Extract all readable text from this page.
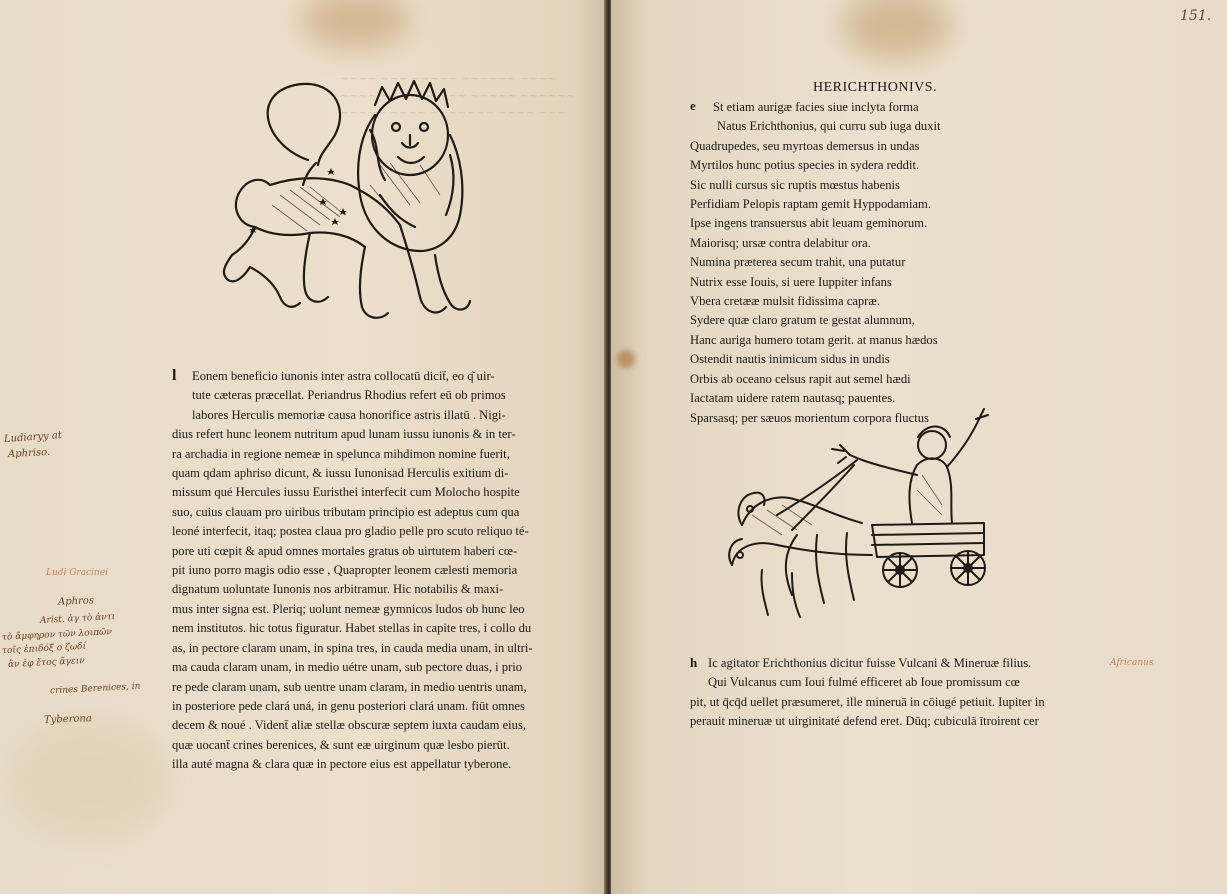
~~~~ ~~~ ~~~~~ ~~~~~~ ~~~~
~~~~ ~~~~~~ ~~~ ~~~~~ ~~~~~~
~~~~~ ~~~~ ~~~~~~~ ~~~~ ~~~
l	Eonem beneficio iunonis inter astra collocatū dicit̄, eo q͂ uir-

tute cæteras præcellat. Periandrus Rhodius refert eū ob primos

labores Herculis memoriæ causa honorifice astris illatū . Nigi-

dius refert hunc leonem nutritum apud lunam iussu iunonis & in ter-

ra archadia in regione nemeæ in spelunca mihdimon nomine fuerit,

quam qdam aphriso dicunt, & iussu Iunonisad Herculis exitium di-

missum qué Hercules iussu Euristhei interfecit cum Molocho hospite

suo, cuius clauam pro uiribus tributam principio est adeptus cum qua

leoné interfecit, itaq; postea claua pro gladio pelle pro scuto reliquo té-

pore uti cœpit & apud omnes mortales gratus ob uirtutem haberi cœ-

pit iuno porro magis odio esse , Quapropter leonem cælesti memoria

dignatum uoluntate Iunonis nos arbitramur. Hic notabilis & maxi-

mus inter signa est. Pleriq; uolunt nemeæ gymnicos ludos ob hunc leo

nem institutos. hic totus figuratur. Habet stellas in capite tres, i collo du

as, in pectore claram unam, in spina tres, in cauda media unam, in ultri-

ma cauda claram unam, in medio uétre unam, sub pectore duas, i prio

re pede claram unam, sub uentre unam claram, in medio uentris unam,

in posteriore pede clará uná, in genu posteriori clará unam. fiūt omnes

decem & noué . Vident̄ aliæ stellæ obscuræ septem iuxta caudam eius,

quæ uocant̄ crines berenices, & sunt eæ uirginum quæ lesbo pierūt.

illa auté magna & clara quæ in pectore eius est appellatur tyberone.

Ludiaryy at
Aphriso.
Ludi Gracinei
Aphros
Arist. ἀγ τὸ ἀντι
τὸ ἄμφηρον τῶν λοιπῶν
τοῖς ἐπιδόξ ο ζωδί
ἂν ἐφ ἔτος ἄγειν
crines Berenices, in
Tyberona
151.
HERICHTHONIVS.
e	St etiam aurigæ facies siue inclyta forma

Natus Erichthonius, qui curru sub iuga duxit

Quadrupedes, seu myrtoas demersus in undas

Myrtilos hunc potius species in sydera reddit.

Sic nulli cursus sic ruptis mœstus habenis

Perfidiam Pelopis raptam gemit Hyppodamiam.

Ipse ingens transuersus abit leuam geminorum.

Maiorisq; ursæ contra delabitur ora.

Numina præterea secum trahit, una putatur

Nutrix esse Iouis, si uere Iuppiter infans

Vbera cretææ mulsit fidissima capræ.

Sydere quæ claro gratum te gestat alumnum,

Hanc auriga humero totam gerit. at manus hædos

Ostendit nautis inimicum sidus in undis

Orbis ab oceano celsus rapit aut semel hædi

Iactatam uidere ratem nautasq; pauentes.

Sparsasq; per sæuos morientum corpora fluctus

h Ic agitator Erichthonius dicitur fuisse Vulcani & Mineruæ filius.

Qui Vulcanus cum Ioui fulmé efficeret ab Ioue promissum cœ

pit, ut q̄cq̄d uellet præsumeret, ille mineruā in cōiugé petiuit. Iupiter in

perauit mineruæ ut uirginitaté defend eret. Dūq; cubiculā ītroirent cer

Africanus
